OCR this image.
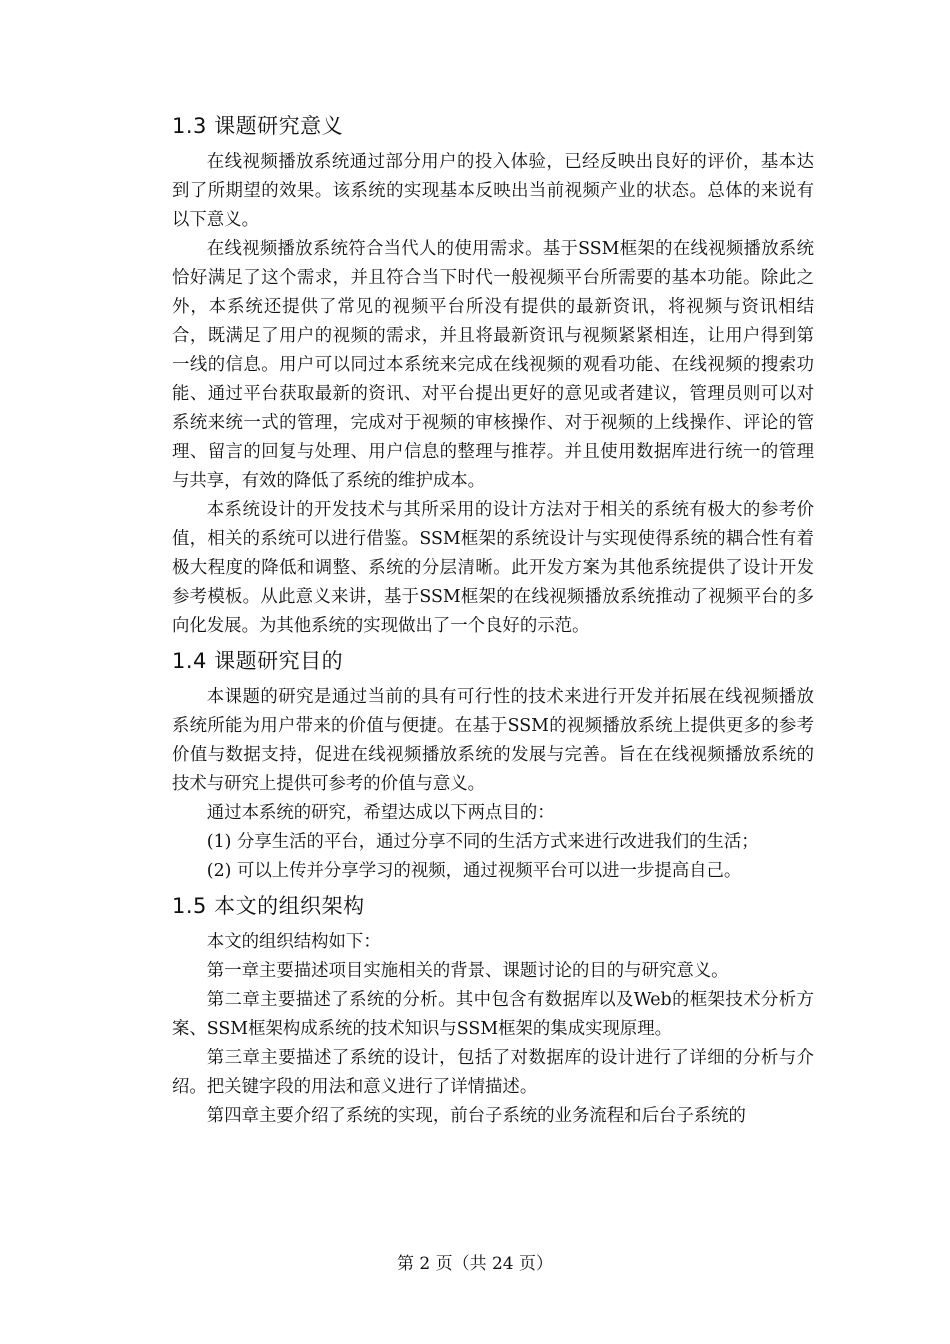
1.3 课题研究意义

在线视频播放系统通过部分用户的投入体验，已经反映出良好的评价，基本达到了所期望的效果。该系统的实现基本反映出当前视频产业的状态。总体的来说有以下意义。

在线视频播放系统符合当代人的使用需求。基于SSM框架的在线视频播放系统恰好满足了这个需求，并且符合当下时代一般视频平台所需要的基本功能。除此之外，本系统还提供了常见的视频平台所没有提供的最新资讯，将视频与资讯相结合，既满足了用户的视频的需求，并且将最新资讯与视频紧紧相连，让用户得到第一线的信息。用户可以同过本系统来完成在线视频的观看功能、在线视频的搜索功能、通过平台获取最新的资讯、对平台提出更好的意见或者建议，管理员则可以对系统来统一式的管理，完成对于视频的审核操作、对于视频的上线操作、评论的管理、留言的回复与处理、用户信息的整理与推荐。并且使用数据库进行统一的管理与共享，有效的降低了系统的维护成本。

本系统设计的开发技术与其所采用的设计方法对于相关的系统有极大的参考价值，相关的系统可以进行借鉴。SSM框架的系统设计与实现使得系统的耦合性有着极大程度的降低和调整、系统的分层清晰。此开发方案为其他系统提供了设计开发参考模板。从此意义来讲，基于SSM框架的在线视频播放系统推动了视频平台的多向化发展。为其他系统的实现做出了一个良好的示范。

1.4 课题研究目的

本课题的研究是通过当前的具有可行性的技术来进行开发并拓展在线视频播放系统所能为用户带来的价值与便捷。在基于SSM的视频播放系统上提供更多的参考价值与数据支持，促进在线视频播放系统的发展与完善。旨在在线视频播放系统的技术与研究上提供可参考的价值与意义。

通过本系统的研究，希望达成以下两点目的：

(1) 分享生活的平台，通过分享不同的生活方式来进行改进我们的生活；

(2) 可以上传并分享学习的视频，通过视频平台可以进一步提高自己。

1.5 本文的组织架构

本文的组织结构如下：

第一章主要描述项目实施相关的背景、课题讨论的目的与研究意义。

第二章主要描述了系统的分析。其中包含有数据库以及Web的框架技术分析方案、SSM框架构成系统的技术知识与SSM框架的集成实现原理。

第三章主要描述了系统的设计，包括了对数据库的设计进行了详细的分析与介绍。把关键字段的用法和意义进行了详情描述。

第四章主要介绍了系统的实现，前台子系统的业务流程和后台子系统的

第 2 页（共 24 页）
